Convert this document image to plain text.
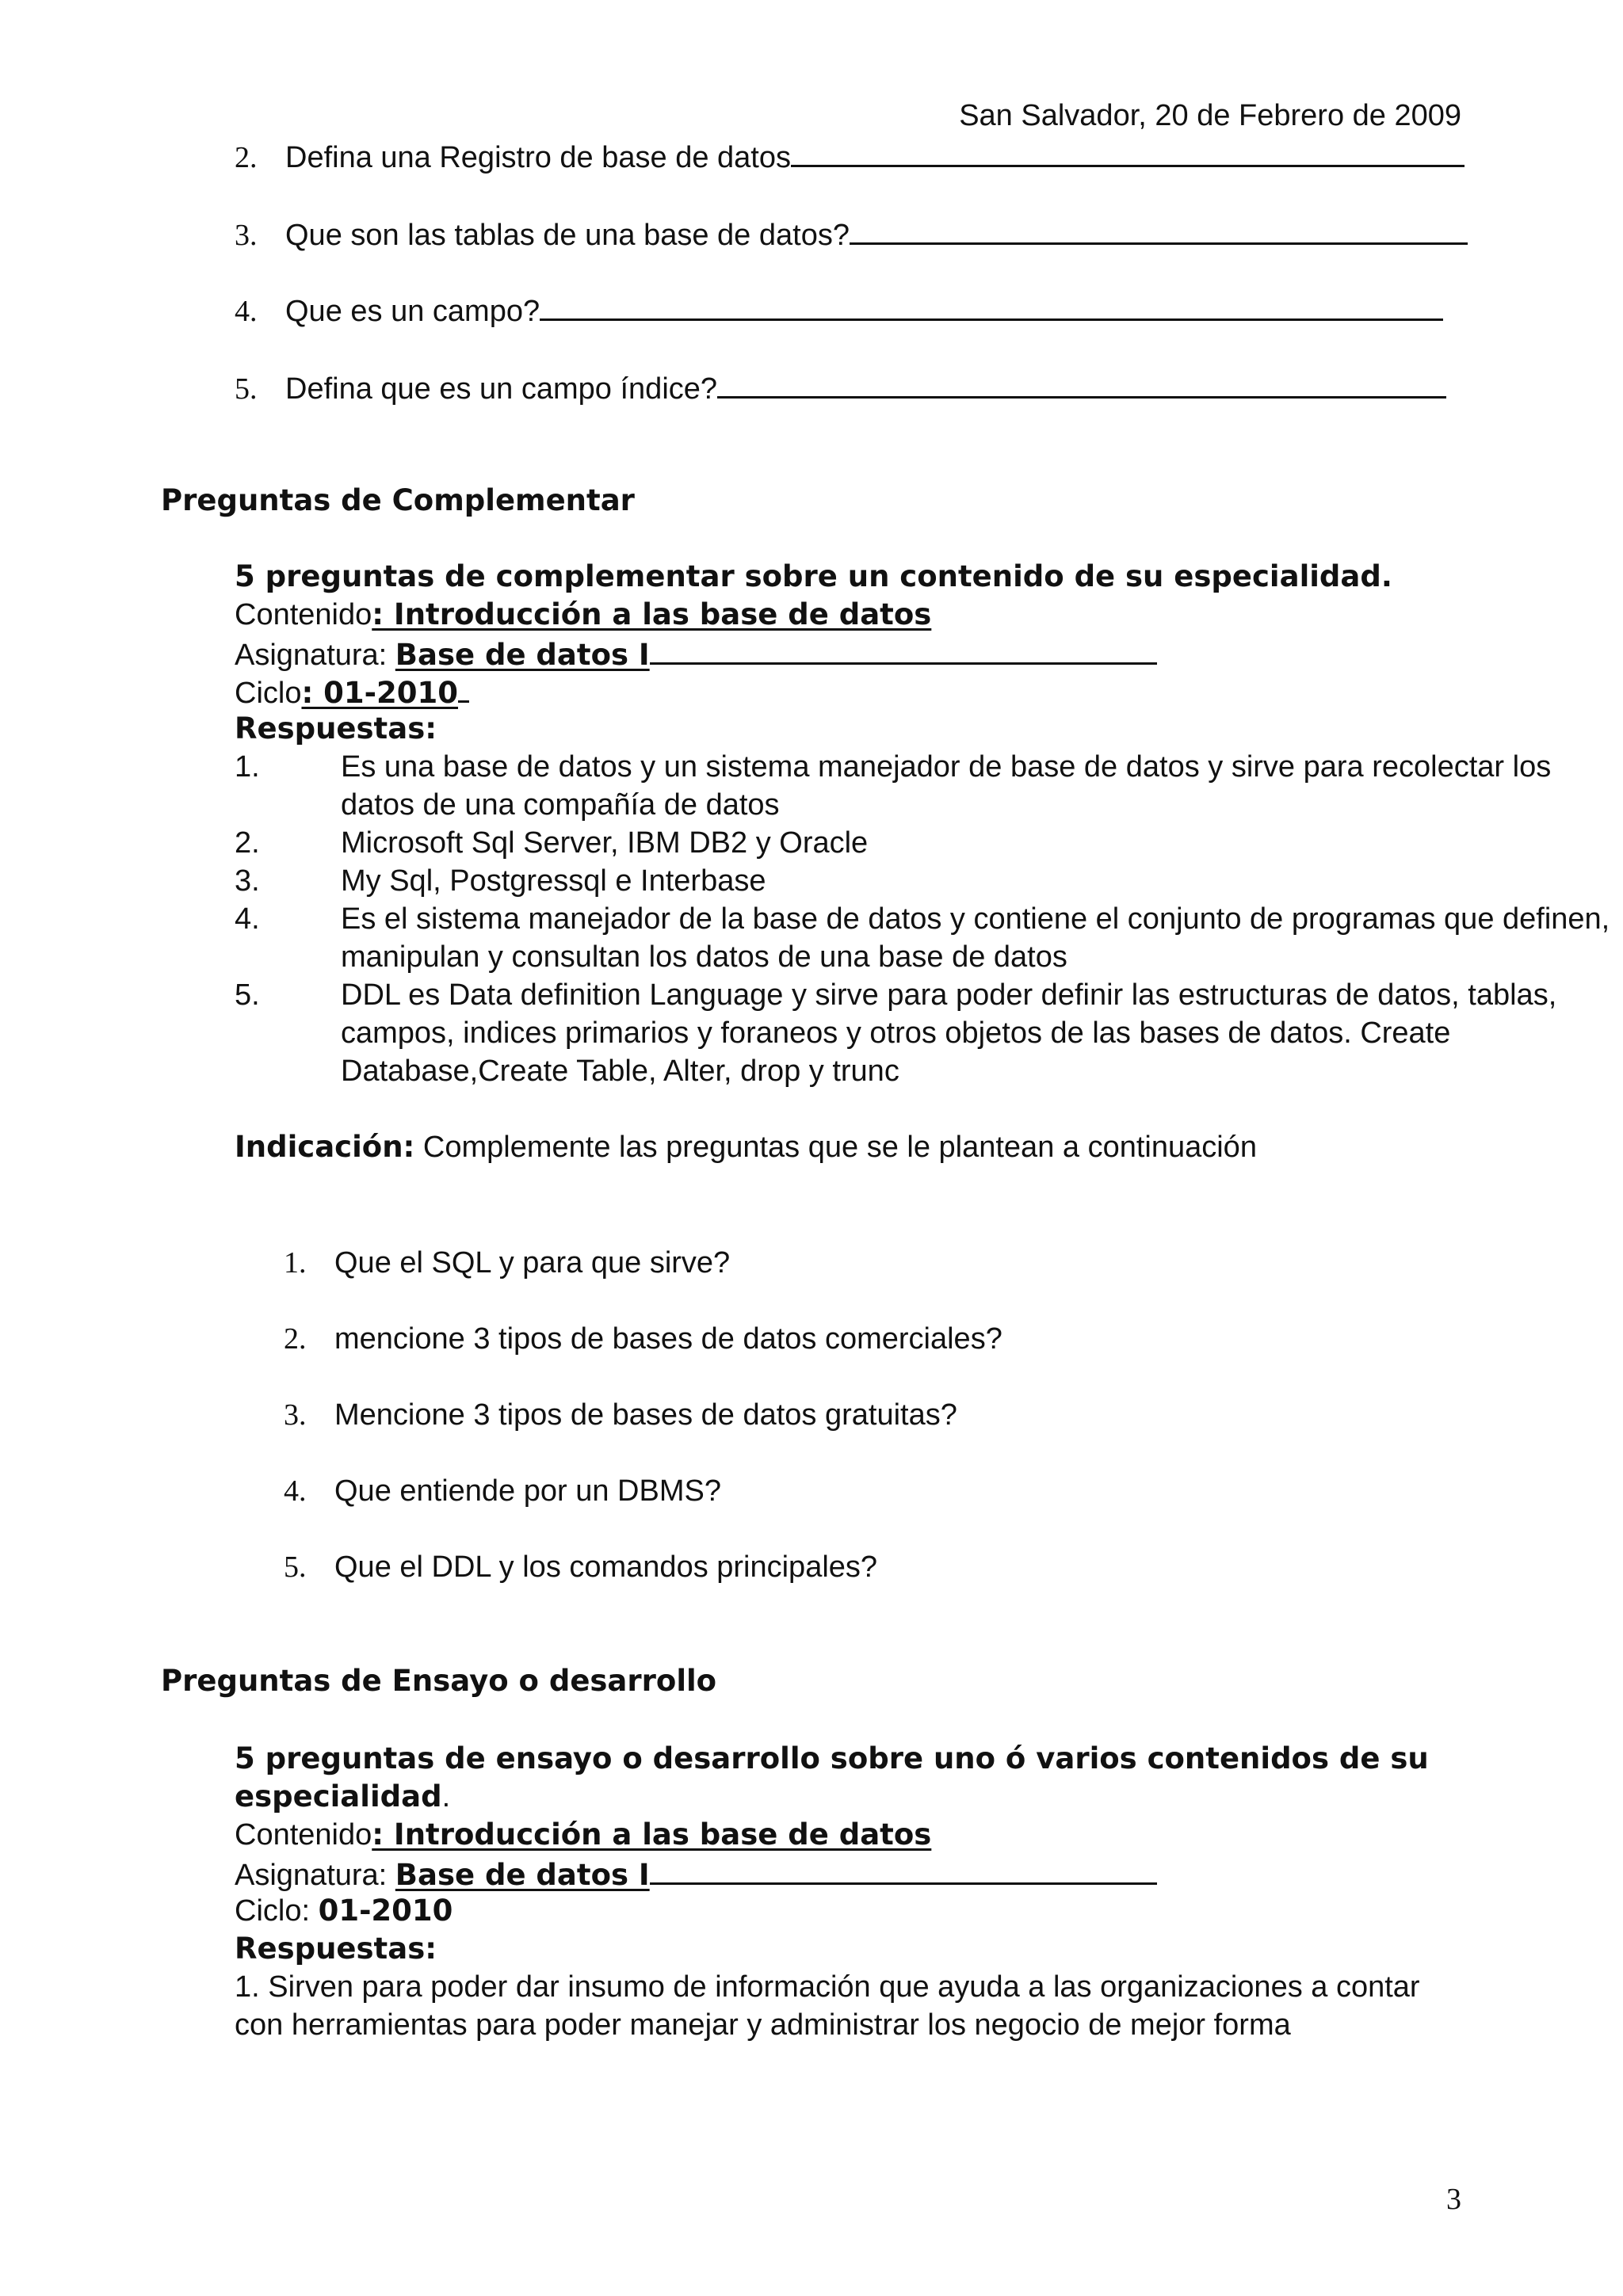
San Salvador, 20 de Febrero de 2009
2. Defina una Registro de base de datos
3. Que son las tablas de una base de datos?
4. Que es un campo?
5. Defina que es un campo índice?
Preguntas de Complementar
5 preguntas de complementar sobre un contenido de su especialidad.
Contenido: Introducción a las base de datos
Asignatura: Base de datos I
Ciclo: 01-2010
Respuestas:
1.	Es una base de datos y un sistema manejador de base de datos y sirve para recolectar los datos de una compañía de datos
2.	Microsoft Sql Server, IBM DB2 y Oracle
3.	My Sql, Postgressql e Interbase
4.	Es el sistema manejador de la base de datos y contiene el conjunto de programas que definen, manipulan y consultan los datos de una base de datos
5.	DDL es Data definition Language y sirve para poder definir las estructuras de datos, tablas, campos, indices primarios y foraneos y otros objetos de las bases de datos. Create Database,Create Table, Alter, drop y trunc
Indicación: Complemente las preguntas que se le plantean a continuación
1. Que el SQL y para que sirve?
2. mencione 3 tipos de bases de datos comerciales?
3. Mencione 3 tipos de bases de datos gratuitas?
4. Que entiende por un DBMS?
5. Que el DDL y los comandos principales?
Preguntas de Ensayo o desarrollo
5 preguntas de ensayo o desarrollo sobre uno ó varios contenidos de su
especialidad.
Contenido: Introducción a las base de datos
Asignatura: Base de datos I
Ciclo: 01-2010
Respuestas:
1. Sirven para poder dar insumo de información que ayuda a las organizaciones a contar
con herramientas para poder manejar y administrar los negocio de mejor forma
3
